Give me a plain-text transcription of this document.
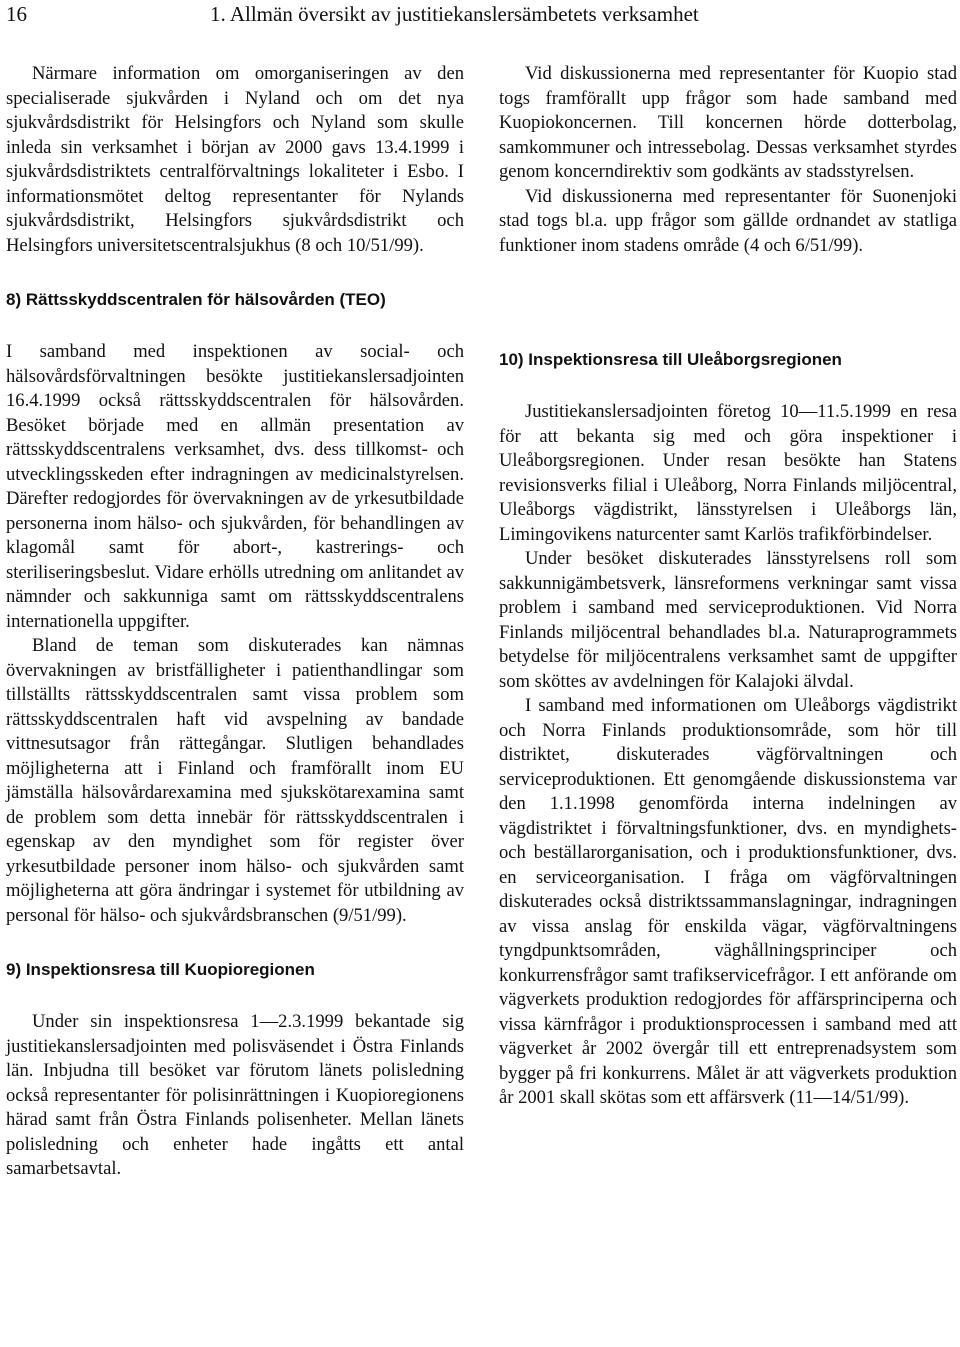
16	1. Allmän översikt av justitiekanslersämbetets verksamhet

Närmare information om omorganiseringen av den specialiserade sjukvården i Nyland och om det nya sjukvårdsdistrikt för Helsingfors och Nyland som skulle inleda sin verksamhet i början av 2000 gavs 13.4.1999 i sjukvårdsdistriktets centralförvaltnings lokaliteter i Esbo. I informationsmötet deltog representanter för Nylands sjukvårdsdistrikt, Helsingfors sjukvårdsdistrikt och Helsingfors universitetscentralsjukhus (8 och 10/51/99).

8) Rättsskyddscentralen för hälsovården (TEO)

I samband med inspektionen av social- och hälsovårdsförvaltningen besökte justitiekanslersadjointen 16.4.1999 också rättsskyddscentralen för hälsovården. Besöket började med en allmän presentation av rättsskyddscentralens verksamhet, dvs. dess tillkomst- och utvecklingsskeden efter indragningen av medicinalstyrelsen. Därefter redogjordes för övervakningen av de yrkesutbildade personerna inom hälso- och sjukvården, för behandlingen av klagomål samt för abort-, kastrerings- och steriliseringsbeslut. Vidare erhölls utredning om anlitandet av nämnder och sakkunniga samt om rättsskyddscentralens internationella uppgifter.

Bland de teman som diskuterades kan nämnas övervakningen av bristfälligheter i patienthandlingar som tillställts rättsskyddscentralen samt vissa problem som rättsskyddscentralen haft vid avspelning av bandade vittnesutsagor från rättegångar. Slutligen behandlades möjligheterna att i Finland och framförallt inom EU jämställa hälsovårdarexamina med sjukskötarexamina samt de problem som detta innebär för rättsskyddscentralen i egenskap av den myndighet som för register över yrkesutbildade personer inom hälso- och sjukvården samt möjligheterna att göra ändringar i systemet för utbildning av personal för hälso- och sjukvårdsbranschen (9/51/99).

9) Inspektionsresa till Kuopioregionen

Under sin inspektionsresa 1—2.3.1999 bekantade sig justitiekanslersadjointen med polisväsendet i Östra Finlands län. Inbjudna till besöket var förutom länets polisledning också representanter för polisinrättningen i Kuopioregionens härad samt från Östra Finlands polisenheter. Mellan länets polisledning och enheter hade ingåtts ett antal samarbetsavtal.

Vid diskussionerna med representanter för Kuopio stad togs framförallt upp frågor som hade samband med Kuopiokoncernen. Till koncernen hörde dotterbolag, samkommuner och intressebolag. Dessas verksamhet styrdes genom koncerndirektiv som godkänts av stadsstyrelsen.

Vid diskussionerna med representanter för Suonenjoki stad togs bl.a. upp frågor som gällde ordnandet av statliga funktioner inom stadens område (4 och 6/51/99).

10) Inspektionsresa till Uleåborgsregionen

Justitiekanslersadjointen företog 10—11.5.1999 en resa för att bekanta sig med och göra inspektioner i Uleåborgsregionen. Under resan besökte han Statens revisionsverks filial i Uleåborg, Norra Finlands miljöcentral, Uleåborgs vägdistrikt, länsstyrelsen i Uleåborgs län, Limingovikens naturcenter samt Karlös trafikförbindelser.

Under besöket diskuterades länsstyrelsens roll som sakkunnigämbetsverk, länsreformens verkningar samt vissa problem i samband med serviceproduktionen. Vid Norra Finlands miljöcentral behandlades bl.a. Naturaprogrammets betydelse för miljöcentralens verksamhet samt de uppgifter som sköttes av avdelningen för Kalajoki älvdal.

I samband med informationen om Uleåborgs vägdistrikt och Norra Finlands produktionsområde, som hör till distriktet, diskuterades vägförvaltningen och serviceproduktionen. Ett genomgående diskussionstema var den 1.1.1998 genomförda interna indelningen av vägdistriktet i förvaltningsfunktioner, dvs. en myndighets- och beställarorganisation, och i produktionsfunktioner, dvs. en serviceorganisation. I fråga om vägförvaltningen diskuterades också distriktssammanslagningar, indragningen av vissa anslag för enskilda vägar, vägförvaltningens tyngdpunktsområden, väghållningsprinciper och konkurrensfrågor samt trafikservicefrågor. I ett anförande om vägverkets produktion redogjordes för affärsprinciperna och vissa kärnfrågor i produktionsprocessen i samband med att vägverket år 2002 övergår till ett entreprenadsystem som bygger på fri konkurrens. Målet är att vägverkets produktion år 2001 skall skötas som ett affärsverk (11—14/51/99).
